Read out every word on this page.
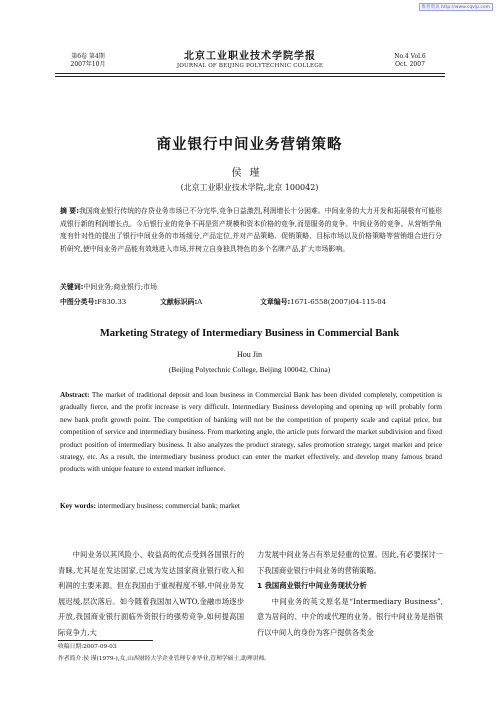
维普资讯 http://www.cqvip.com
第6卷 第4期
2007年10月
北京工业职业技术学院学报
JOURNAL OF BEIJING POLYTECHNIC COLLEGE
No.4 Vol.6
Oct. 2007
商业银行中间业务营销策略
侯瑾
(北京工业职业技术学院,北京 100042)
摘 要:我国商业银行传统的存贷业务市场已不分完毕,竞争日益激烈,利润增长十分困难。中间业务的大力开发和拓展极有可能形成银行新的利润增长点。今后银行业的竞争不再是资产规模和资本价格的竞争,而是服务的竞争、中间业务的竞争。从营销学角度有针对性的提出了银行中间业务的市场细分,产品定位,并对产品策略、促销策略、目标市场以及价格策略等营销组合进行分析研究,使中间业务产品能有效地进入市场,并树立自身独具特色的多个名牌产品,扩大市场影响。
关键词:中间业务;商业银行;市场
中图分类号:F830.33	文献标识码:A	文章编号:1671-6558(2007)04-115-04
Marketing Strategy of Intermediary Business in Commercial Bank
Hou Jin
(Beijing Polytechnic College, Beijing 100042, China)
Abstract: The market of traditional deposit and loan business in Commercial Bank has been divided completely, competition is gradually fierce, and the profit increase is very difficult. Intermediary Business developing and opening up will probably form new bank profit growth point. The competition of banking will not be the competition of property scale and capital price, but competition of service and intermediary business. From marketing angle, the article puts forward the market subdivision and fixed product position of intermediary business. It also analyzes the product strategy, sales promotion strategy, target market and price strategy, etc. As a result, the intermediary business product can enter the market effectively, and develop many famous brand products with unique feature to extend market influence.
Key words: intermediary business; commercial bank; market

中间业务以其风险小、收益高的优点受到各国银行的青睐,尤其是在发达国家,已成为发达国家商业银行收入和利润的主要来源。但在我国由于重视程度不够,中间业务发展迟缓,层次落后。如今随着我国加入WTO,金融市场逐步开放,我国商业银行面临外资银行的强势竞争,如何提高国际竞争力,大

力发展中间业务占有举足轻重的位置。因此,有必要探讨一下我国商业银行中间业务的营销策略。

1 我国商业银行中间业务现状分析

中间业务的英文原名是“Intermediary Business”,意为居间的、中介的或代理的业务。银行中间业务是指银行以中间人的身份为客户提供各类金

收稿日期:2007-09-03
作者简介:侯 瑾(1979-),女,山西财经大学企业管理专业毕业,管理学硕士,助理讲师。
